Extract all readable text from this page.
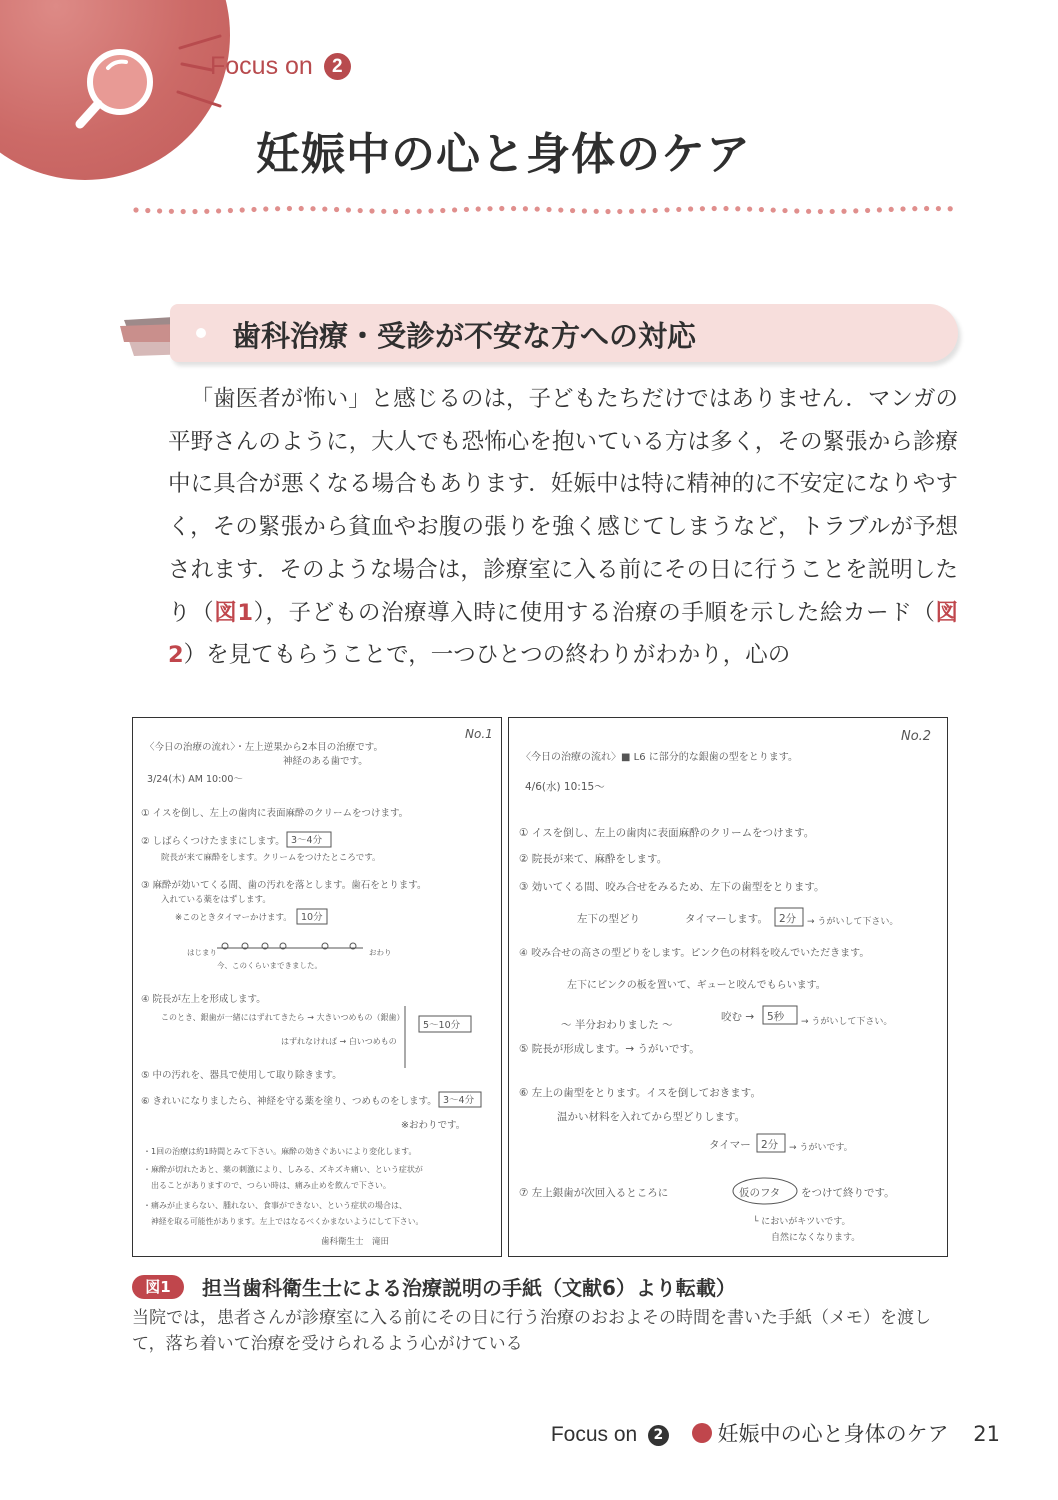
Focus on 2
妊娠中の心と身体のケア
歯科治療・受診が不安な方への対応

「歯医者が怖い」と感じるのは，子どもたちだけではありません．マンガの平野さんのように，大人でも恐怖心を抱いている方は多く，その緊張から診療中に具合が悪くなる場合もあります．妊娠中は特に精神的に不安定になりやすく，その緊張から貧血やお腹の張りを強く感じてしまうなど，トラブルが予想されます．そのような場合は，診療室に入る前にその日に行うことを説明したり（図1），子どもの治療導入時に使用する治療の手順を示した絵カード（図2）を見てもらうことで，一つひとつの終わりがわかり，心の

No.1
〈今日の治療の流れ〉・左上逆果から2本目の治療です。
神経のある歯です。
3/24(木) AM 10:00〜
① イスを倒し、左上の歯肉に表面麻酔のクリームをつけます。
② しばらくつけたままにします。 3〜4分
院長が来て麻酔をします。クリームをつけたところです。
③ 麻酔が効いてくる間、歯の汚れを落とします。歯石をとります。
入れている薬をはずします。
※このときタイマーかけます。 10分
はじまり	おわり
今、このくらいまできました。
④ 院長が左上を形成します。
このとき、銀歯が一緒にはずれてきたら → 大きいつめもの（銀歯）
はずれなければ → 白いつめもの
5〜10分
⑤ 中の汚れを、器具で使用して取り除きます。
⑥ きれいになりましたら、神経を守る薬を塗り、つめものをします。 3〜4分
※おわりです。
・1回の治療は約1時間とみて下さい。麻酔の効きぐあいにより変化します。
・麻酔が切れたあと、薬の刺激により、しみる、ズキズキ痛い、という症状が
出ることがありますので、つらい時は、痛み止めを飲んで下さい。
・痛みが止まらない、腫れない、食事ができない、という症状の場合は、
神経を取る可能性があります。左上ではなるべくかまないようにして下さい。
歯科衛生士　滝田
No.2
〈今日の治療の流れ〉■ L6 に部分的な銀歯の型をとります。
4/6(水) 10:15〜
① イスを倒し、左上の歯肉に表面麻酔のクリームをつけます。
② 院長が来て、麻酔をします。
③ 効いてくる間、咬み合せをみるため、左下の歯型をとります。
左下の型どり	タイマーします。 2分 → うがいして下さい。
④ 咬み合せの高さの型どりをします。ピンク色の材料を咬んでいただきます。
左下にピンクの板を置いて、ギューと咬んでもらいます。
〜 半分おわりました 〜
咬む → 5秒 → うがいして下さい。
⑤ 院長が形成します。→ うがいです。
⑥ 左上の歯型をとります。イスを倒しておきます。
温かい材料を入れてから型どりします。
タイマー 2分 → うがいです。
⑦ 左上銀歯が次回入るところに	仮のフタ をつけて終りです。
└ においがキツいです。
自然になくなります。
図1	担当歯科衛生士による治療説明の手紙（文献6）より転載）
当院では，患者さんが診療室に入る前にその日に行う治療のおおよその時間を書いた手紙（メモ）を渡して，落ち着いて治療を受けられるよう心がけている
Focus on 2	妊娠中の心と身体のケア 21
